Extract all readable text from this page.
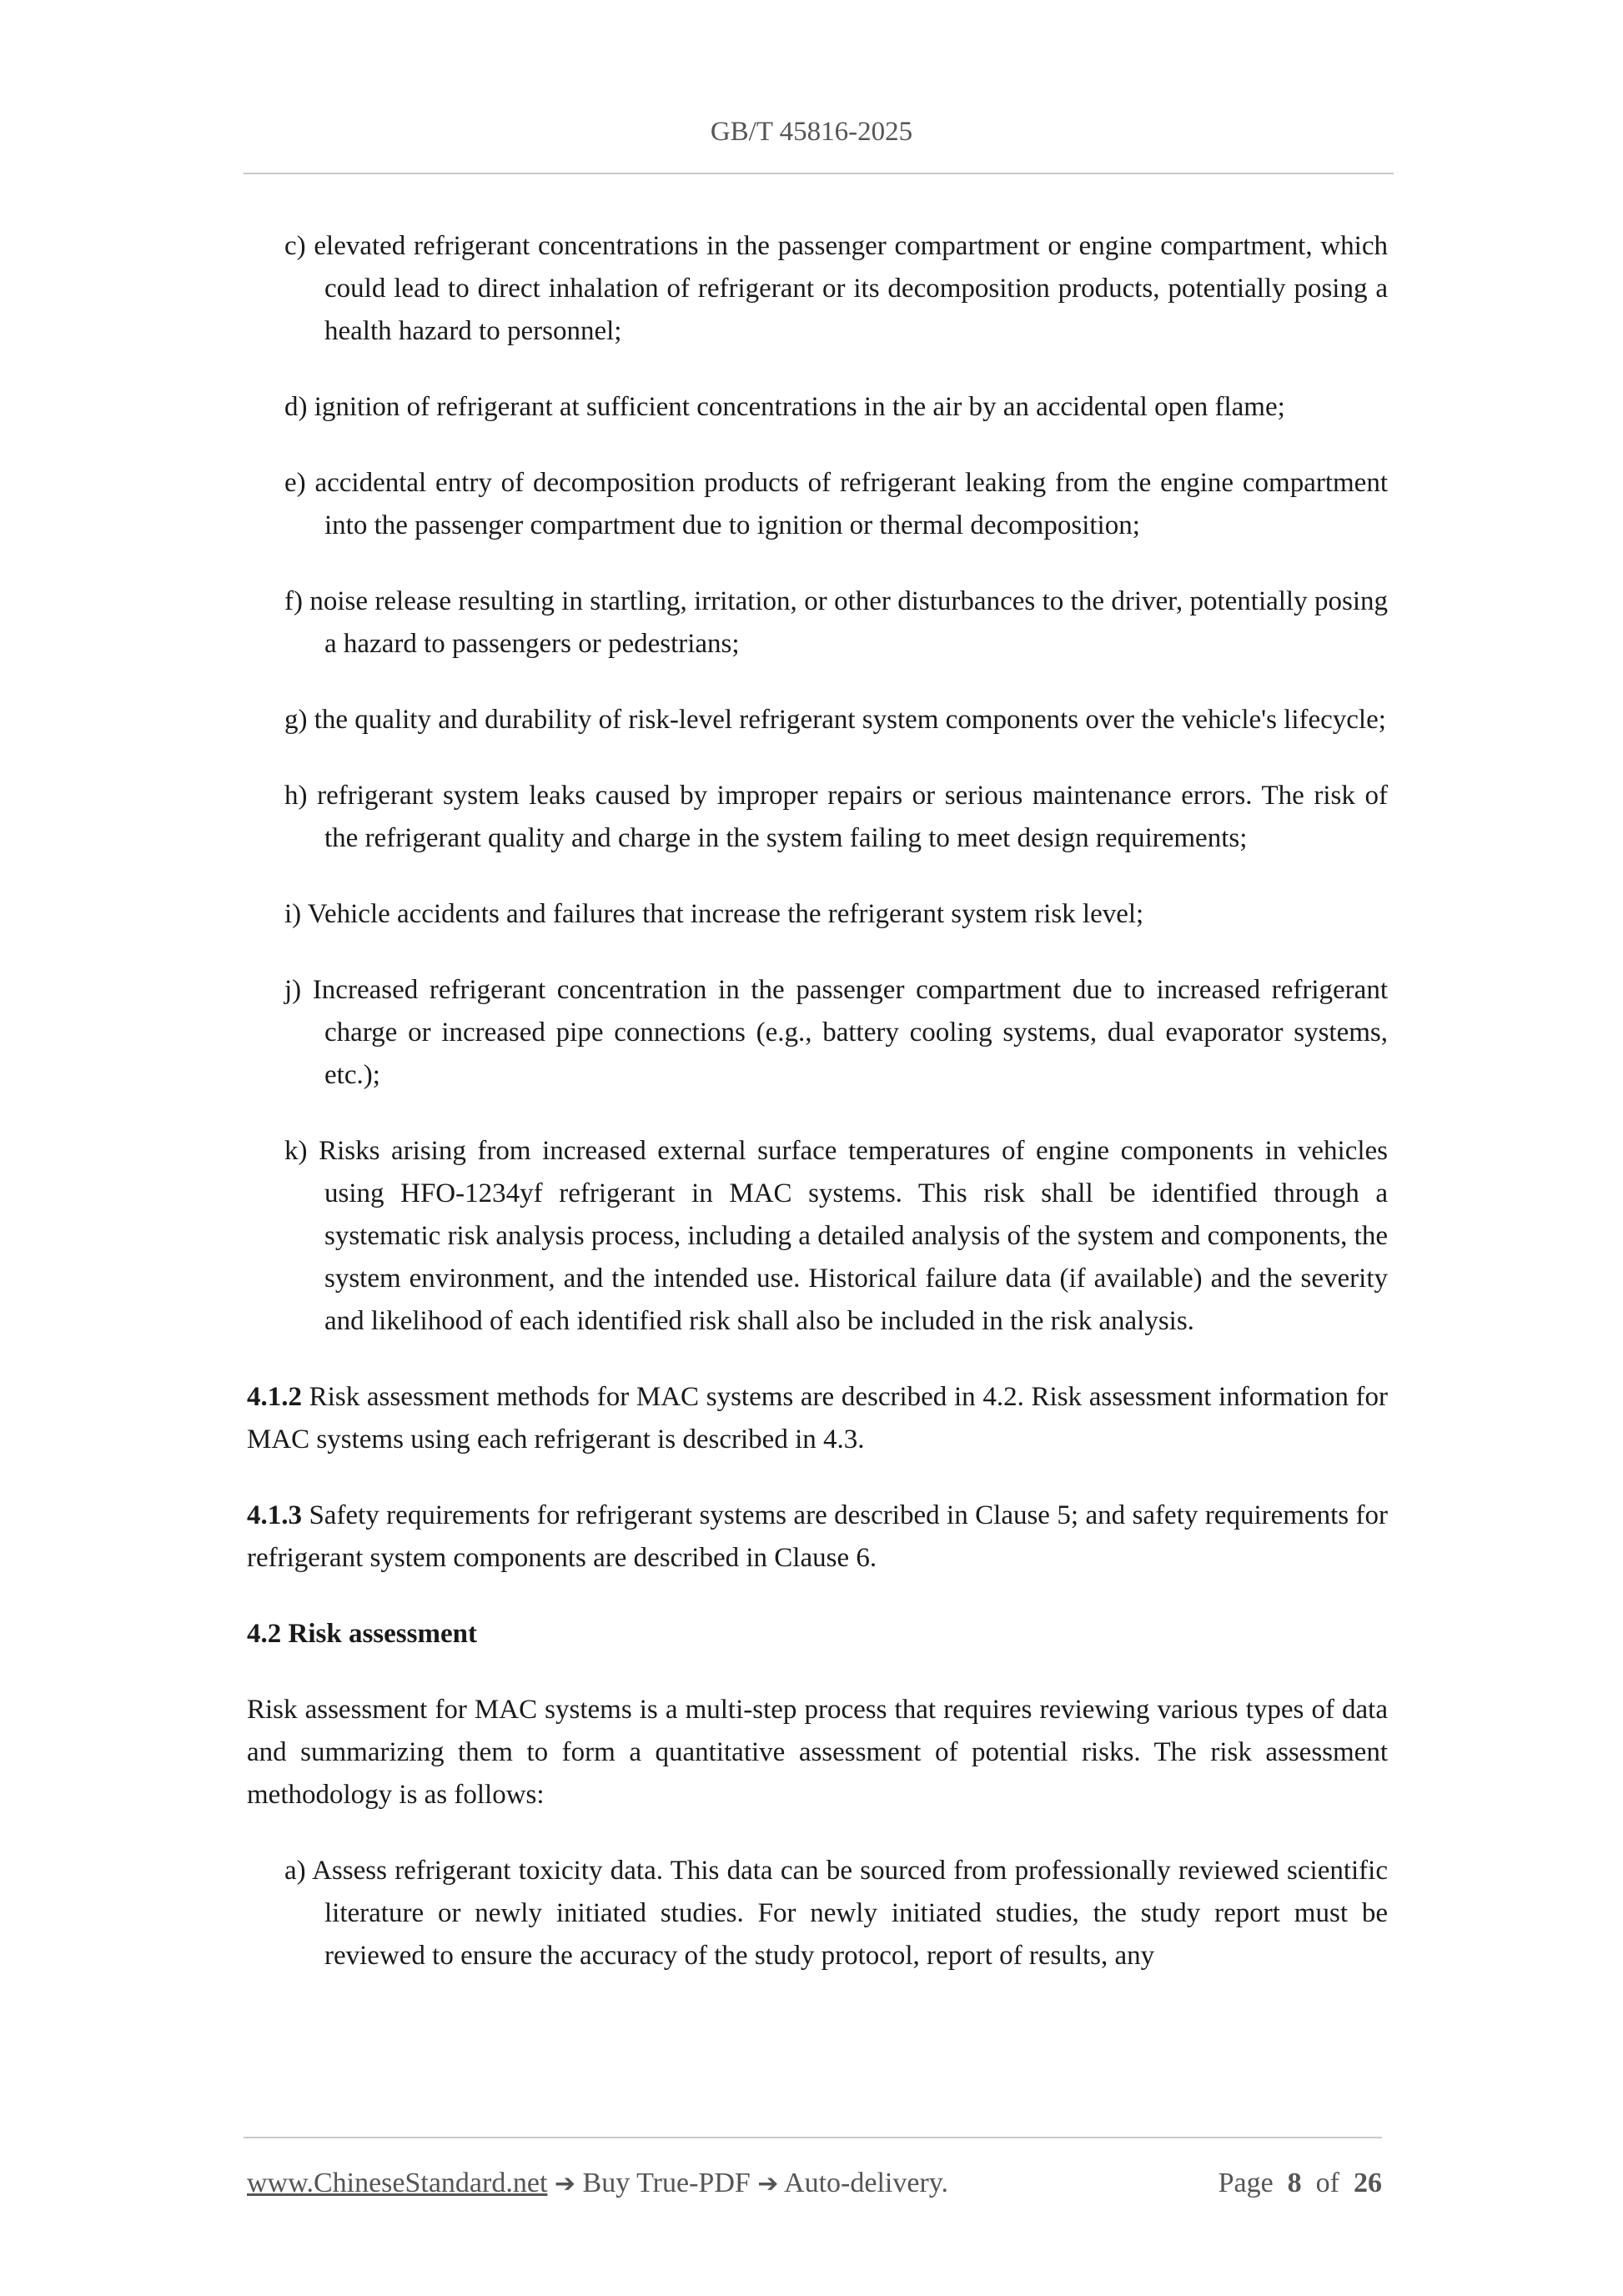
GB/T 45816-2025
c) elevated refrigerant concentrations in the passenger compartment or engine compartment, which could lead to direct inhalation of refrigerant or its decomposition products, potentially posing a health hazard to personnel;
d) ignition of refrigerant at sufficient concentrations in the air by an accidental open flame;
e) accidental entry of decomposition products of refrigerant leaking from the engine compartment into the passenger compartment due to ignition or thermal decomposition;
f) noise release resulting in startling, irritation, or other disturbances to the driver, potentially posing a hazard to passengers or pedestrians;
g) the quality and durability of risk-level refrigerant system components over the vehicle's lifecycle;
h) refrigerant system leaks caused by improper repairs or serious maintenance errors. The risk of the refrigerant quality and charge in the system failing to meet design requirements;
i) Vehicle accidents and failures that increase the refrigerant system risk level;
j) Increased refrigerant concentration in the passenger compartment due to increased refrigerant charge or increased pipe connections (e.g., battery cooling systems, dual evaporator systems, etc.);
k) Risks arising from increased external surface temperatures of engine components in vehicles using HFO-1234yf refrigerant in MAC systems. This risk shall be identified through a systematic risk analysis process, including a detailed analysis of the system and components, the system environment, and the intended use. Historical failure data (if available) and the severity and likelihood of each identified risk shall also be included in the risk analysis.
4.1.2 Risk assessment methods for MAC systems are described in 4.2. Risk assessment information for MAC systems using each refrigerant is described in 4.3.
4.1.3 Safety requirements for refrigerant systems are described in Clause 5; and safety requirements for refrigerant system components are described in Clause 6.
4.2 Risk assessment
Risk assessment for MAC systems is a multi-step process that requires reviewing various types of data and summarizing them to form a quantitative assessment of potential risks. The risk assessment methodology is as follows:
a) Assess refrigerant toxicity data. This data can be sourced from professionally reviewed scientific literature or newly initiated studies. For newly initiated studies, the study report must be reviewed to ensure the accuracy of the study protocol, report of results, any
www.ChineseStandard.net ➔ Buy True-PDF ➔ Auto-delivery.	Page 8 of 26
